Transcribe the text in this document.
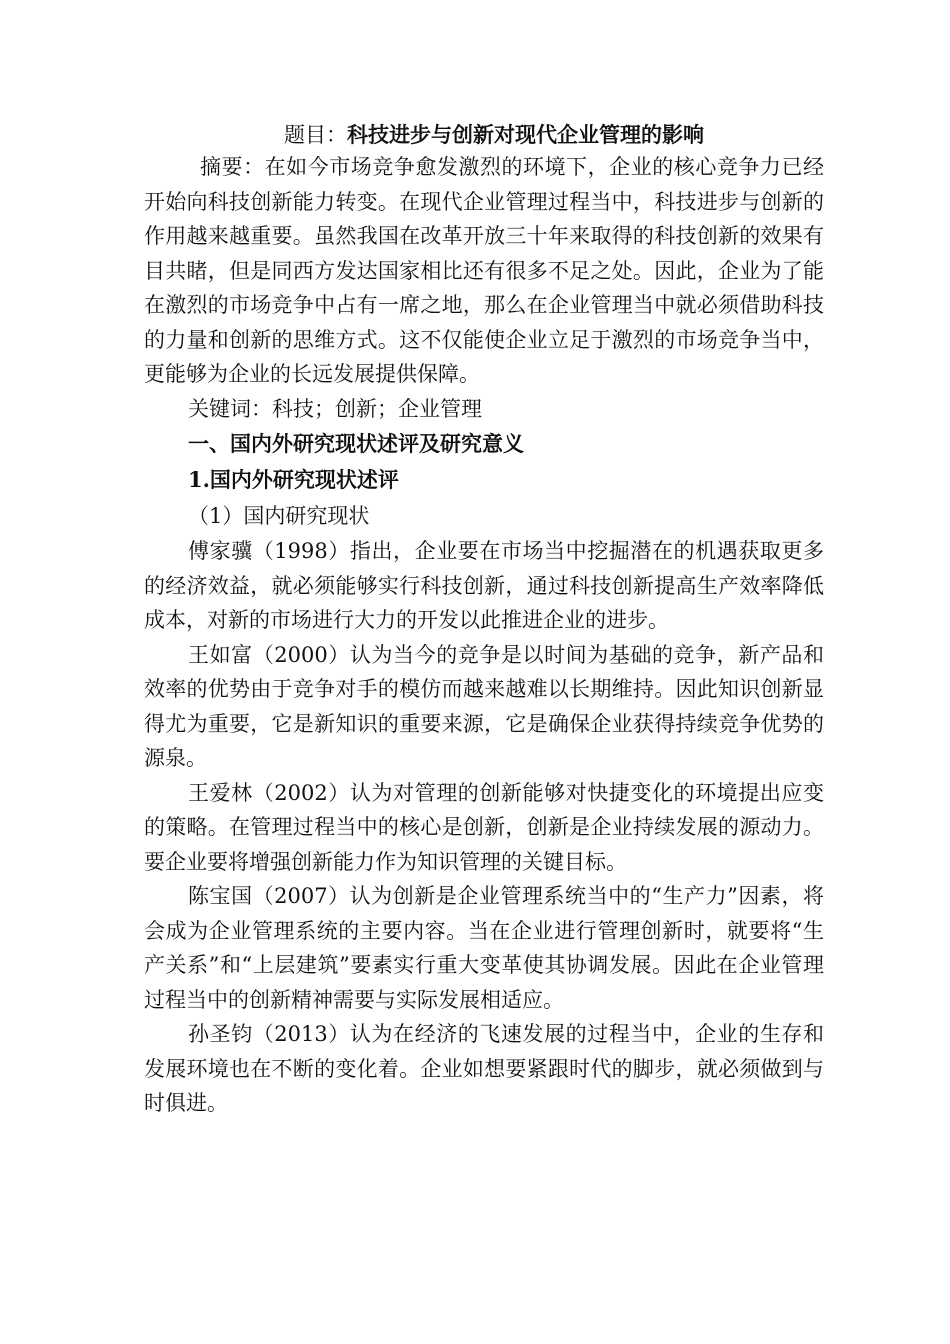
题目：科技进步与创新对现代企业管理的影响

摘要：在如今市场竞争愈发激烈的环境下，企业的核心竞争力已经开始向科技创新能力转变。在现代企业管理过程当中，科技进步与创新的作用越来越重要。虽然我国在改革开放三十年来取得的科技创新的效果有目共睹，但是同西方发达国家相比还有很多不足之处。因此，企业为了能在激烈的市场竞争中占有一席之地，那么在企业管理当中就必须借助科技的力量和创新的思维方式。这不仅能使企业立足于激烈的市场竞争当中，更能够为企业的长远发展提供保障。

关键词：科技；创新；企业管理

一、国内外研究现状述评及研究意义

1.国内外研究现状述评

（1）国内研究现状

傅家骥（1998）指出，企业要在市场当中挖掘潜在的机遇获取更多的经济效益，就必须能够实行科技创新，通过科技创新提高生产效率降低成本，对新的市场进行大力的开发以此推进企业的进步。

王如富（2000）认为当今的竞争是以时间为基础的竞争，新产品和效率的优势由于竞争对手的模仿而越来越难以长期维持。因此知识创新显得尤为重要，它是新知识的重要来源，它是确保企业获得持续竞争优势的源泉。

王爱林（2002）认为对管理的创新能够对快捷变化的环境提出应变的策略。在管理过程当中的核心是创新，创新是企业持续发展的源动力。要企业要将增强创新能力作为知识管理的关键目标。

陈宝国（2007）认为创新是企业管理系统当中的“生产力”因素，将会成为企业管理系统的主要内容。当在企业进行管理创新时，就要将“生产关系”和“上层建筑”要素实行重大变革使其协调发展。因此在企业管理过程当中的创新精神需要与实际发展相适应。

孙圣钧（2013）认为在经济的飞速发展的过程当中，企业的生存和发展环境也在不断的变化着。企业如想要紧跟时代的脚步，就必须做到与时俱进。
